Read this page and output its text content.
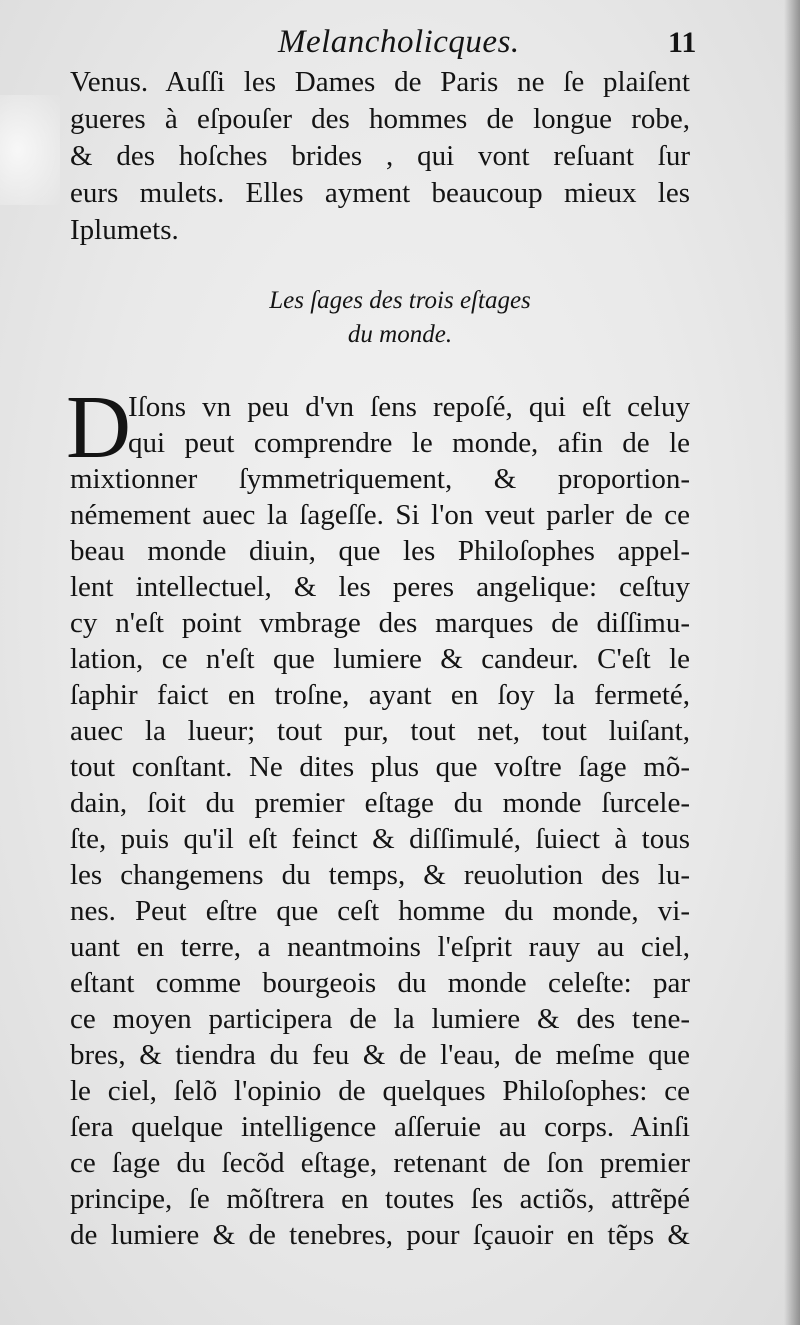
Melancholicques.	11
Venus. Auſſi les Dames de Paris ne ſe plaiſent
gueres à eſpouſer des hommes de longue robe,
& des hoſches brides , qui vont reſuant ſur
eurs mulets. Elles ayment beaucoup mieux les
Iplumets.
Les ſages des trois eſtages
du monde.
D
Iſons vn peu d'vn ſens repoſé, qui eſt celuy
qui peut comprendre le monde, afin de le
mixtionner ſymmetriquement, & proportion-
némement auec la ſageſſe. Si l'on veut parler de ce
beau monde diuin, que les Philoſophes appel-
lent intellectuel, & les peres angelique: ceſtuy
cy n'eſt point vmbrage des marques de diſſimu-
lation, ce n'eſt que lumiere & candeur. C'eſt le
ſaphir faict en troſne, ayant en ſoy la fermeté,
auec la lueur; tout pur, tout net, tout luiſant,
tout conſtant. Ne dites plus que voſtre ſage mõ-
dain, ſoit du premier eſtage du monde ſurcele-
ſte, puis qu'il eſt feinct & diſſimulé, ſuiect à tous
les changemens du temps, & reuolution des lu-
nes. Peut eſtre que ceſt homme du monde, vi-
uant en terre, a neantmoins l'eſprit rauy au ciel,
eſtant comme bourgeois du monde celeſte: par
ce moyen participera de la lumiere & des tene-
bres, & tiendra du feu & de l'eau, de meſme que
le ciel, ſelõ l'opinio de quelques Philoſophes: ce
ſera quelque intelligence aſſeruie au corps. Ainſi
ce ſage du ſecõd eſtage, retenant de ſon premier
principe, ſe mõſtrera en toutes ſes actiõs, attrẽpé
de lumiere & de tenebres, pour ſçauoir en tẽps &
